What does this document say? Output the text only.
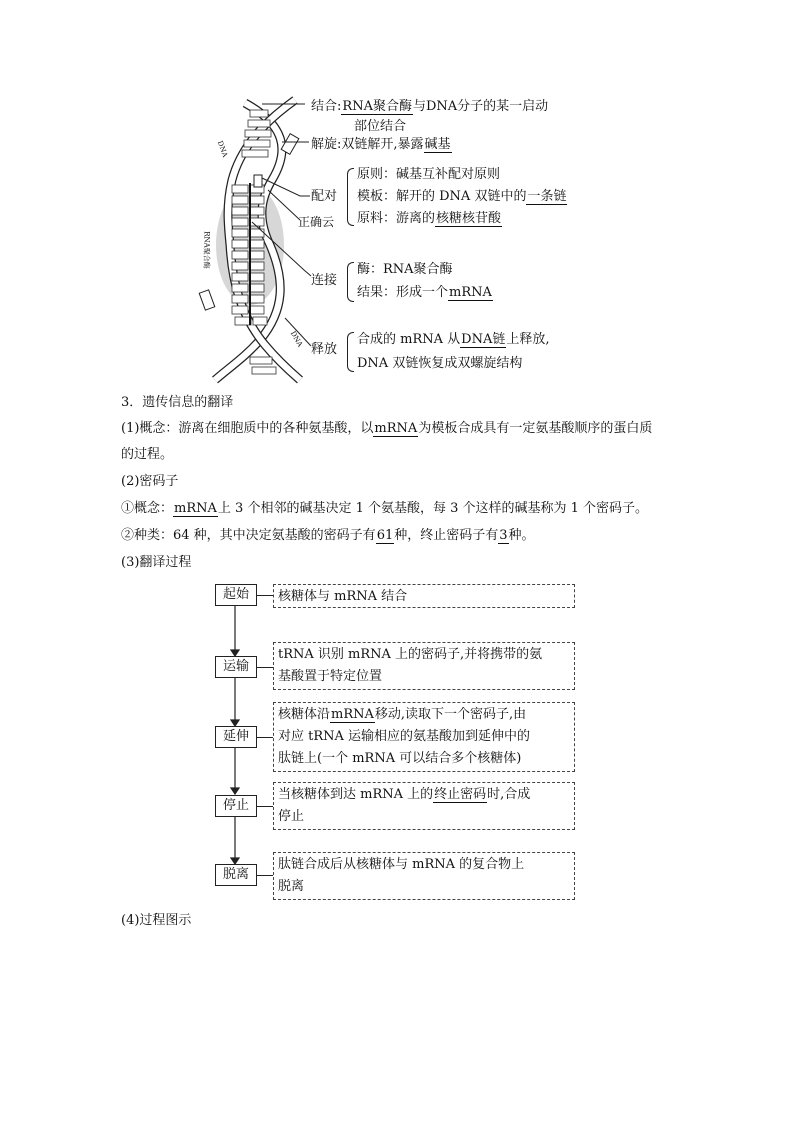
DNA
RNA聚合酶
DNA
正确云
结合:RNA聚合酶与DNA分子的某一启动
部位结合
解旋:双链解开,暴露碱基
配对
原则：碱基互补配对原则
模板：解开的 DNA 双链中的一条链
原料：游离的核糖核苷酸
连接
酶：RNA聚合酶
结果：形成一个mRNA
释放
合成的 mRNA 从DNA链上释放,
DNA 双链恢复成双螺旋结构
3．遗传信息的翻译
(1)概念：游离在细胞质中的各种氨基酸，以mRNA为模板合成具有一定氨基酸顺序的蛋白质
的过程。
(2)密码子
①概念：mRNA上 3 个相邻的碱基决定 1 个氨基酸，每 3 个这样的碱基称为 1 个密码子。
②种类：64 种，其中决定氨基酸的密码子有61种，终止密码子有3种。
(3)翻译过程
起始	核糖体与 mRNA 结合
运输
tRNA 识别 mRNA 上的密码子,并将携带的氨
基酸置于特定位置
延伸
核糖体沿mRNA移动,读取下一个密码子,由
对应 tRNA 运输相应的氨基酸加到延伸中的
肽链上(一个 mRNA 可以结合多个核糖体)
停止
当核糖体到达 mRNA 上的终止密码时,合成
停止
脱离
肽链合成后从核糖体与 mRNA 的复合物上
脱离
(4)过程图示
